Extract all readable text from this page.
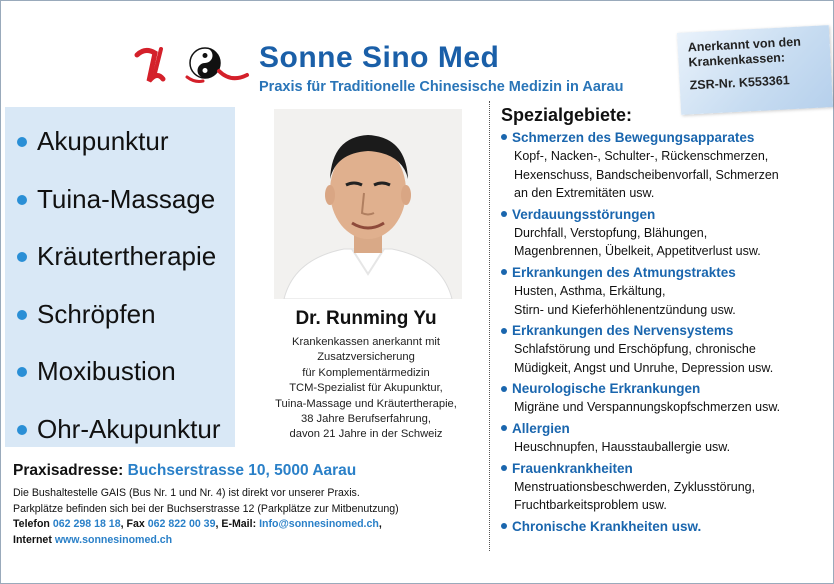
Sonne Sino Med
Praxis für Traditionelle Chinesische Medizin in Aarau
Anerkannt von den
Krankenkassen:
ZSR-Nr. K553361
Akupunktur
Tuina-Massage
Kräutertherapie
Schröpfen
Moxibustion
Ohr-Akupunktur
Dr. Runming Yu
Krankenkassen anerkannt mit
Zusatzversicherung
für Komplementärmedizin
TCM-Spezialist für Akupunktur,
Tuina-Massage und Kräutertherapie,
38 Jahre Berufserfahrung,
davon 21 Jahre in der Schweiz
Spezialgebiete:
Schmerzen des Bewegungsapparates
Kopf-, Nacken-, Schulter-, Rückenschmerzen,
Hexenschuss, Bandscheibenvorfall, Schmerzen
an den Extremitäten usw.
Verdauungsstörungen
Durchfall, Verstopfung, Blähungen,
Magenbrennen, Übelkeit, Appetitverlust usw.
Erkrankungen des Atmungstraktes
Husten, Asthma, Erkältung,
Stirn- und Kieferhöhlenentzündung usw.
Erkrankungen des Nervensystems
Schlafstörung und Erschöpfung, chronische
Müdigkeit, Angst und Unruhe, Depression usw.
Neurologische Erkrankungen
Migräne und Verspannungskopfschmerzen usw.
Allergien
Heuschnupfen, Hausstauballergie usw.
Frauenkrankheiten
Menstruationsbeschwerden, Zyklusstörung,
Fruchtbarkeitsproblem usw.
Chronische Krankheiten usw.
Praxisadresse: Buchserstrasse 10, 5000 Aarau
Die Bushaltestelle GAIS (Bus Nr. 1 und Nr. 4) ist direkt vor unserer Praxis.
Parkplätze befinden sich bei der Buchserstrasse 12 (Parkplätze zur Mitbenutzung)
Telefon 062 298 18 18, Fax 062 822 00 39, E-Mail: Info@sonnesinomed.ch,
Internet www.sonnesinomed.ch
